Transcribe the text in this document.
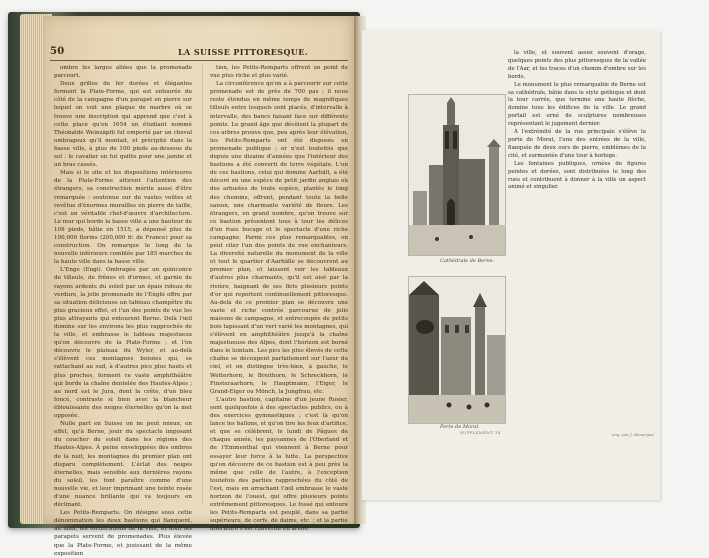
50	LA SUISSE PITTORESQUE.

ombre les larges allées que la promenade parcourt.

Deux grilles de fer dorées et élégantes ferment la Plate-Forme, qui est entourée du côté de la campagne d'un parapet en pierre sur lequel on voit une plaque de marbre où se trouve une inscription qui apprend que c'est à cette place qu'en 1654 un étudiant nommé Théobalde Weinzäpfli fut emporté par un cheval ombrageux qu'il montait, et précipité dans la basse ville, à plus de 100 pieds au-dessous du sol : le cavalier en fut quitte pour une jambe et un bras cassés.

Mais si le site et les dispositions intérieures de la Plate-Forme attirent l'attention des étrangers, sa construction mérite aussi d'être remarquée : soutenue sur de vastes voûtes et revêtue d'énormes murailles en pierre de taille, c'est un véritable chef-d'œuvre d'architecture. Le mur qui borde la basse ville a une hauteur de 108 pieds, bâtie en 1515, a dépensé plus de 100,000 florins (200,000 fr. de France) pour sa construction. On remarque le long de la nouvelle inférieure comblée par 185 marches de la haute ville dans la basse ville.

L'Enge (Engi). Ombragée par un quinconce de tilleuls, de frênes et d'ormes, et garnie de rayons ardents du soleil par un épais rideau de verdure, la jolie promenade de l'Enghi offre par sa situation délicieuse un tableau champêtre du plus gracieux effet, et l'un des points de vue les plus attrayants qui entourent Berne. Delà l'œil domine sur les environs les plus rapprochés de la ville, et embrasse le tableau majestueux qu'on découvre de la Plate-Forme ; et l'on découvre le plateau du Wyler, et au-delà s'élèvent ces montagnes boisées qui, se rattachant au sud, à d'autres pics plus hauts et plus proches, forment ce vaste amphithéâtre qui borde la chaîne dentelée des Hautes-Alpes ; au nord est le Jura, dont la crête, d'un bleu foncé, contraste si bien avec la blancheur éblouissante des neiges éternelles qu'on la met opposée.

Nulle part en Suisse on ne peut mieux, en effet, qu'à Berne, jouir du spectacle imposant du coucher du soleil dans les régions des Hautes-Alpes. À peine enveloppées des ombres de la nuit, les montagnes du premier plan ont disparu complètement. L'éclat des neiges éternelles, mais sensible aux dernières rayons du soleil, les font paraître comme d'une nouvelle vie, et leur imprimant une teinte rosée d'une nuance brillante qui va toujours en déclinant.

Les Petits-Remparts. On désigne sous cette dénomination les deux bastions qui flanquent, au midi, les fortifications de la ville, et dont les parapets servent de promenades. Plus élevée que la Plate-Forme, et jouissant de la même exposition

tion, les Petits-Remparts offrent un point de vue plus riche et plus varié.

La circonférence qu'on a à parcourir sur cette promenade est de près de 700 pas ; il nous reste étendus en même temps de magnifiques tilleuls entre lesquels sont placés, d'intervalle à intervalle, des bancs faisant face sur différents points. Le grand âge que décèlent la plupart de ces arbres prouve que, peu après leur élévation, les Petits-Remparts ont été disposés en promenade publique ; or n'est toutefois que depuis une dizaine d'années que l'intérieur des bastions a été converti de terre végétale. L'un de ces bastions, celui qui domine Aarhält, a été décoré en une espèce de petit jardin anglais où des arbustes de toute espèce, plantés le long des chemins, offrent, pendant toute la belle saison, une charmante variété de fleurs. Les étrangers, en grand nombre, qu'on trouve sur ce bastion présentent tous à tour les délices d'un frais bocage et le spectacle d'une riche campagne. Parmi ces plus remarquables, on peut citer l'un des points de vue enchanteurs. La diversité naturelle du monument de la ville et tout le quartier d'Aarhälle se découvrent au premier plan, et laissent voir les tableaux d'autres plus charmants, qu'il est aisé par la rivière, baignant de ses flots plusieurs points d'or qui reportent continuellement pittoresque. Au-delà de ce premier plan se découvre une vaste et riche contrée parcourue de jolis maisons de campagne, et entrecoupée de petits bois tapissant d'un vert varié les montagnes, qui s'élèvent en amphithéâtre jusqu'à la chaîne majestueuse des Alpes, dont l'horizon est borné dans le lointain. Les pics les plus élevés de cette chaîne se découpent parfaitement sur l'azur du ciel, et on distingue très-bien, à gauche, le Wetterhorn, le Breithorn, le Schreckhorn, le Finsteraarhorn, le Hauptmann, l'Eiger, le Grand-Eiger ou Mönch, la Jungfrau, etc.

L'autre bastion, capitaine d'un jeune Rosier, sont quelquefois à des spectacles publics, ou à des exercices gymnastiques ; c'est là qu'on lance les ballons, et qu'on tire les feux d'artifice, et que se célèbrent, le lundi de Pâques de chaque année, les paysannes de l'Oberland et de l'Emmenthal qui viennent à Berne pour essayer leur force à la lutte. La perspective qu'on découvre de ce bastion est à peu près la même que celle de l'autre, à l'exception toutefois des parties rapprochées du côté de l'est, mais en arrachant l'œil embrasse le vaste horizon de l'ouest, qui offre plusieurs points extrêmement pittoresques. Le fossé qui entoure les Petits-Remparts est peuplé, dans sa partie supérieure, de cerfs, de daims, etc. ; et la partie inférieure s'est convertie en arène.

Cathédrale de Berne.
Porte de Morat.
SUPPLÉMENT 14	eng. par J. Rouargue

la ville, et souvent assez souvent d'orage, quelques points des plus pittoresques de la vallée de l'Aar, et les traces d'un chemin d'ombre sur les bords.

Le monument le plus remarquable de Berne est sa cathédrale, bâtie dans le style gothique et dont la tour carrée, que termine une haute flèche, domine tous les édifices de la ville. Le grand portail est orné de sculptures nombreuses représentant le jugement dernier.

À l'extrémité de la rue principale s'élève la porte de Morat, l'une des entrées de la ville, flanquée de deux ours de pierre, emblèmes de la cité, et surmontée d'une tour à horloge.

Les fontaines publiques, ornées de figures peintes et dorées, sont distribuées le long des rues et contribuent à donner à la ville un aspect animé et singulier.
